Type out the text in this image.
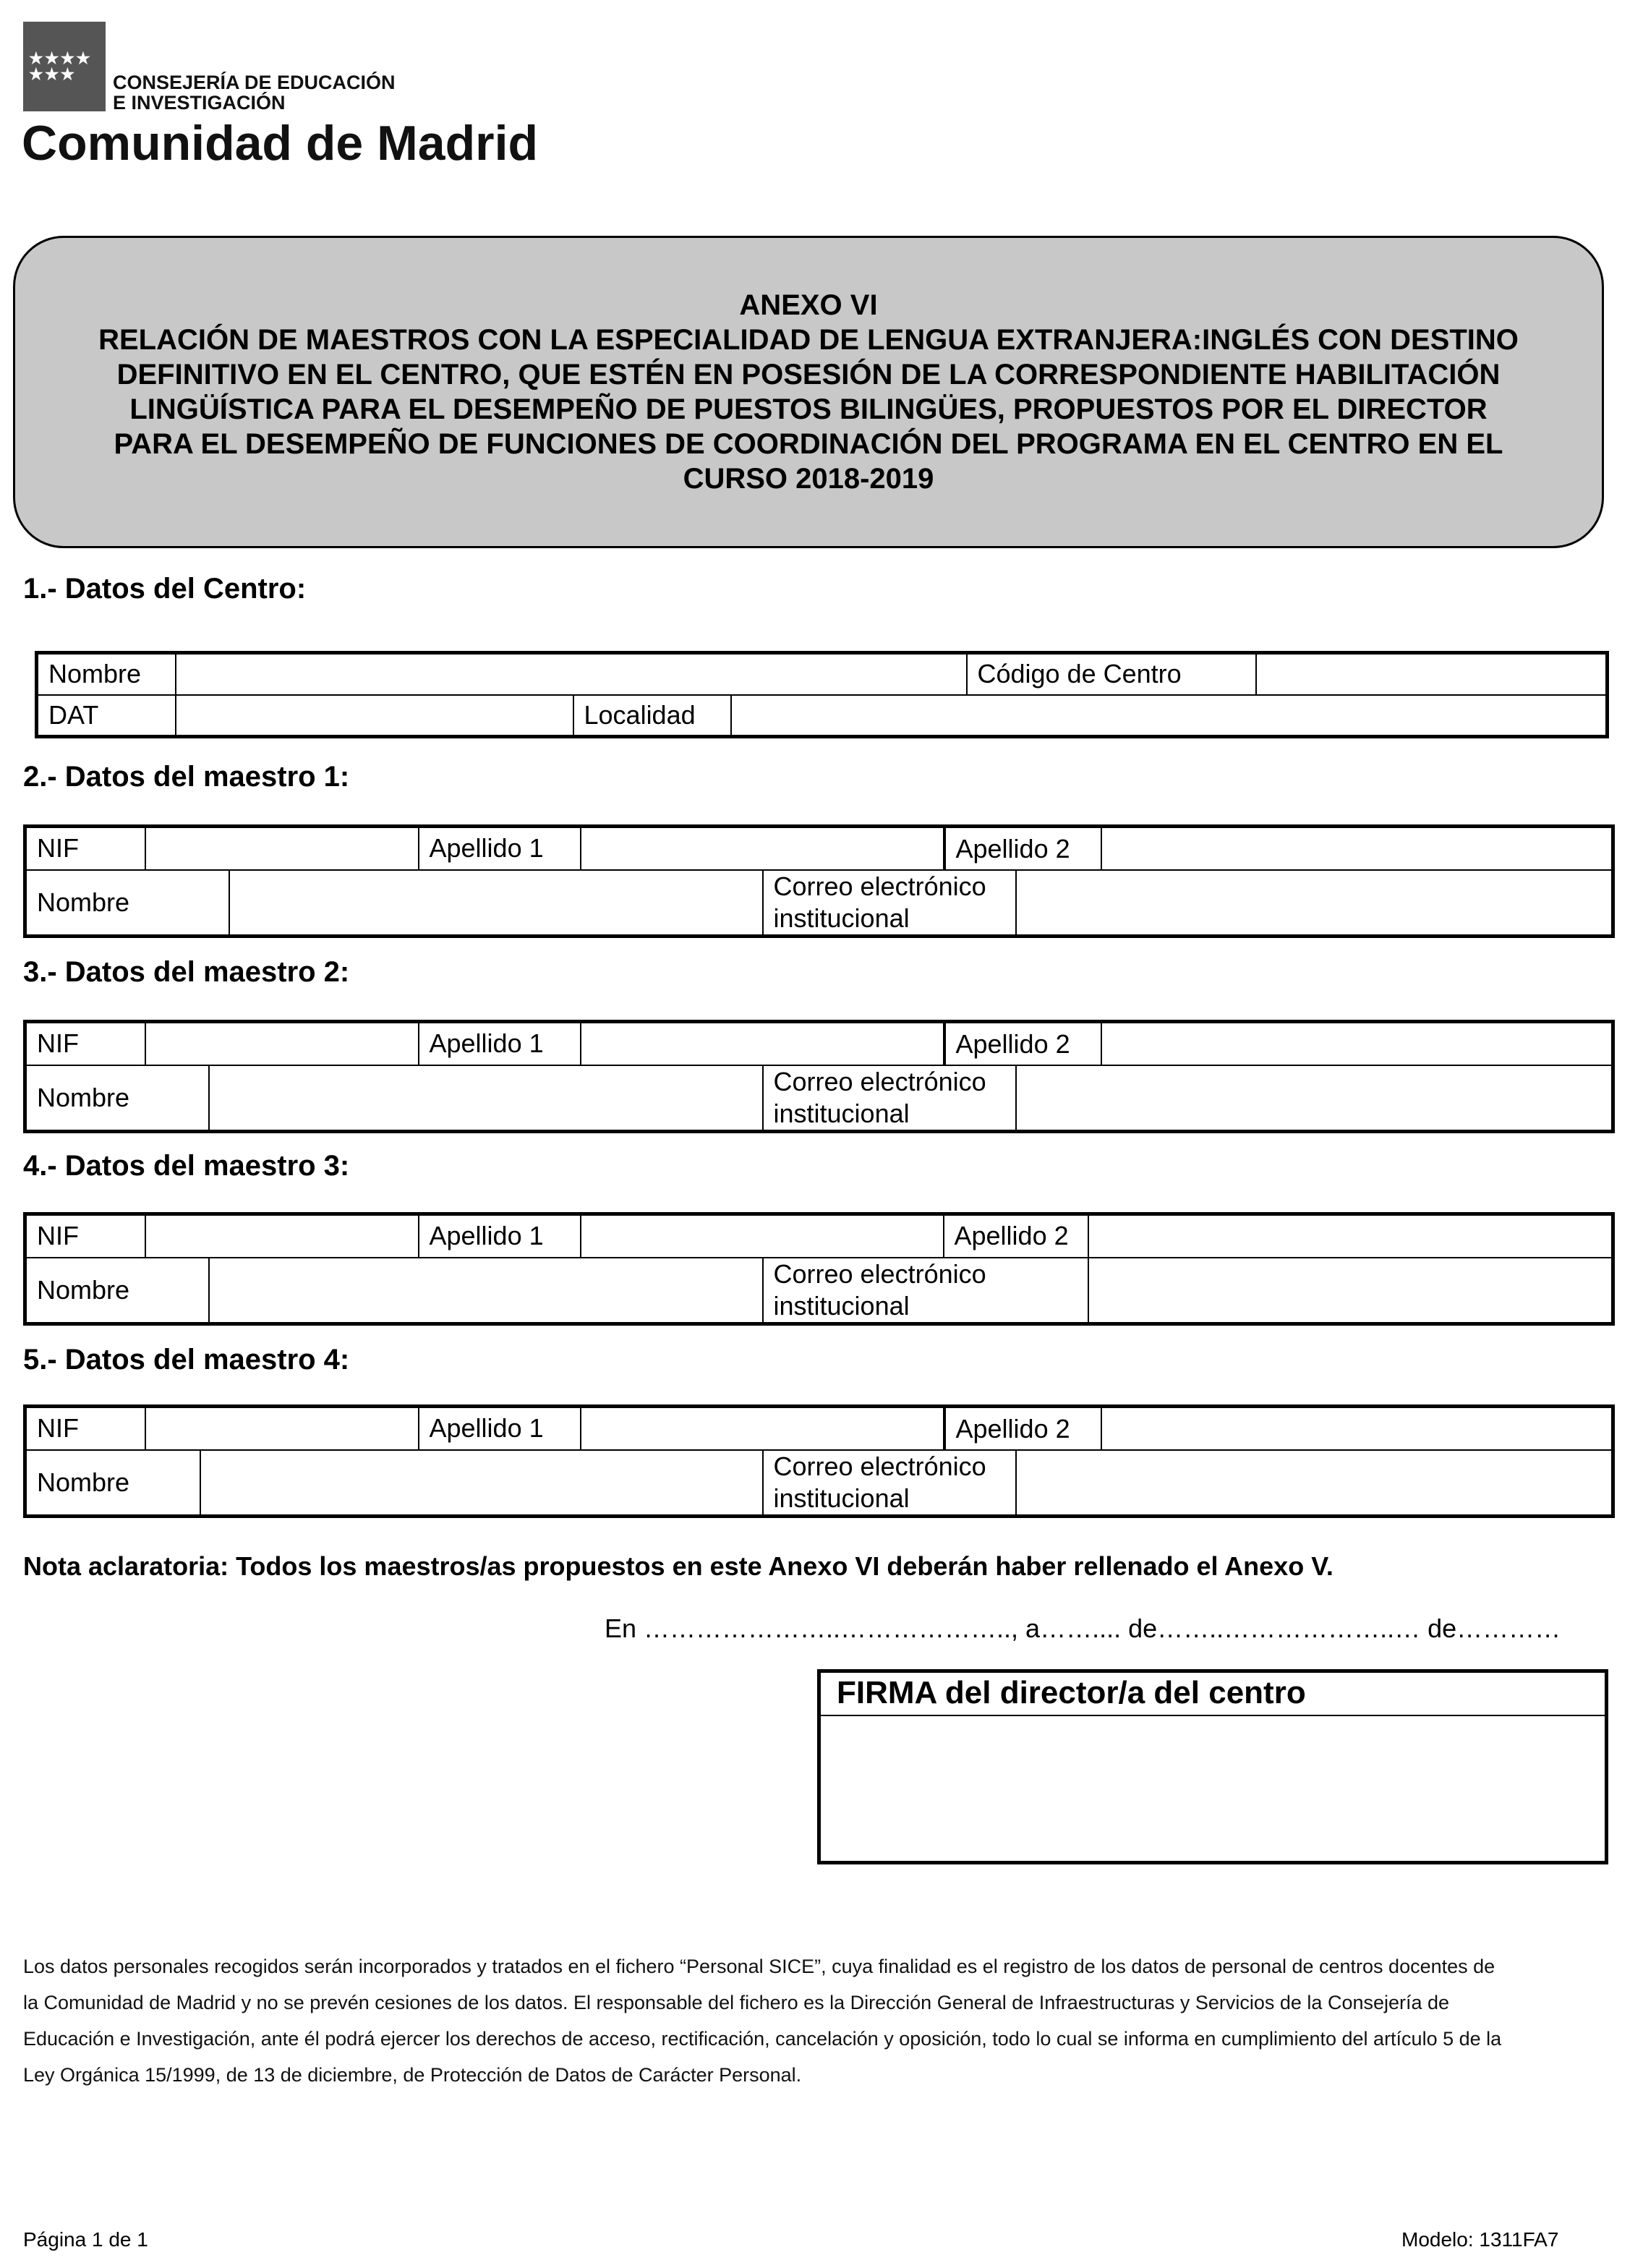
★★★★ ★★★	CONSEJERÍA DE EDUCACIÓN
E INVESTIGACIÓN
Comunidad de Madrid
ANEXO VI
RELACIÓN DE MAESTROS CON LA ESPECIALIDAD DE LENGUA EXTRANJERA:INGLÉS CON DESTINO
DEFINITIVO EN EL CENTRO, QUE ESTÉN EN POSESIÓN DE LA CORRESPONDIENTE HABILITACIÓN
LINGÜÍSTICA PARA EL DESEMPEÑO DE PUESTOS BILINGÜES, PROPUESTOS POR EL DIRECTOR
PARA EL DESEMPEÑO DE FUNCIONES DE COORDINACIÓN DEL PROGRAMA EN EL CENTRO EN EL
CURSO 2018-2019
1.- Datos del Centro:
Nombre				Código de Centro	
DAT		Localidad			
2.- Datos del maestro 1:
NIF			Apellido 1				Apellido 2

Nombre					Correo electrónico
institucional		
3.- Datos del maestro 2:
NIF			Apellido 1				Apellido 2

Nombre					Correo electrónico
institucional		
4.- Datos del maestro 3:
NIF			Apellido 1			Apellido 2	
Nombre					Correo electrónico
institucional		
5.- Datos del maestro 4:
NIF			Apellido 1				Apellido 2

Nombre					Correo electrónico
institucional		
Nota aclaratoria: Todos los maestros/as propuestos en este Anexo VI deberán haber rellenado el Anexo V.
En …………………..……………….., a…….... de……..………………..… de…………
FIRMA del director/a del centro

Los datos personales recogidos serán incorporados y tratados en el fichero “Personal SICE”, cuya finalidad es el registro de los datos de personal de centros docentes de

la Comunidad de Madrid y no se prevén cesiones de los datos. El responsable del fichero es la Dirección General de Infraestructuras y Servicios de la Consejería de

Educación e Investigación, ante él podrá ejercer los derechos de acceso, rectificación, cancelación y oposición, todo lo cual se informa en cumplimiento del artículo 5 de la

Ley Orgánica 15/1999, de 13 de diciembre, de Protección de Datos de Carácter Personal.

Página 1 de 1	Modelo: 1311FA7
